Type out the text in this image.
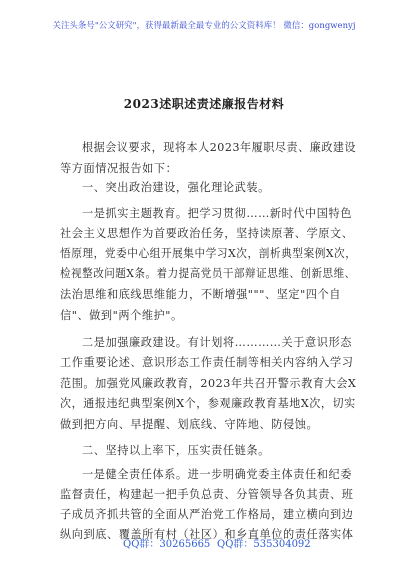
关注头条号"公文研究"，获得最新最全最专业的公文资料库！ 微信：gongwenyj
2023述职述责述廉报告材料
根据会议要求，现将本人2023年履职尽责、廉政建设
等方面情况报告如下：
一、突出政治建设，强化理论武装。
一是抓实主题教育。把学习贯彻……新时代中国特色
社会主义思想作为首要政治任务，坚持读原著、学原文、
悟原理，党委中心组开展集中学习X次，剖析典型案例X次，
检视整改问题X条。着力提高党员干部辩证思维、创新思维、
法治思维和底线思维能力，不断增强"""、坚定"四个自
信"、做到"两个维护"。
二是加强廉政建设。有计划将…………关于意识形态
工作重要论述、意识形态工作责任制等相关内容纳入学习
范围。加强党风廉政教育，2023年共召开警示教育大会X
次，通报违纪典型案例X个，参观廉政教育基地X次，切实
做到把方向、早提醒、划底线、守阵地、防侵蚀。
二、坚持以上率下，压实责任链条。
一是健全责任体系。进一步明确党委主体责任和纪委
监督责任，构建起一把手负总责、分管领导各负其责、班
子成员齐抓共管的全面从严治党工作格局，建立横向到边
纵向到底、覆盖所有村（社区）和乡直单位的责任落实体
QQ群：30265665 QQ群：535304092
